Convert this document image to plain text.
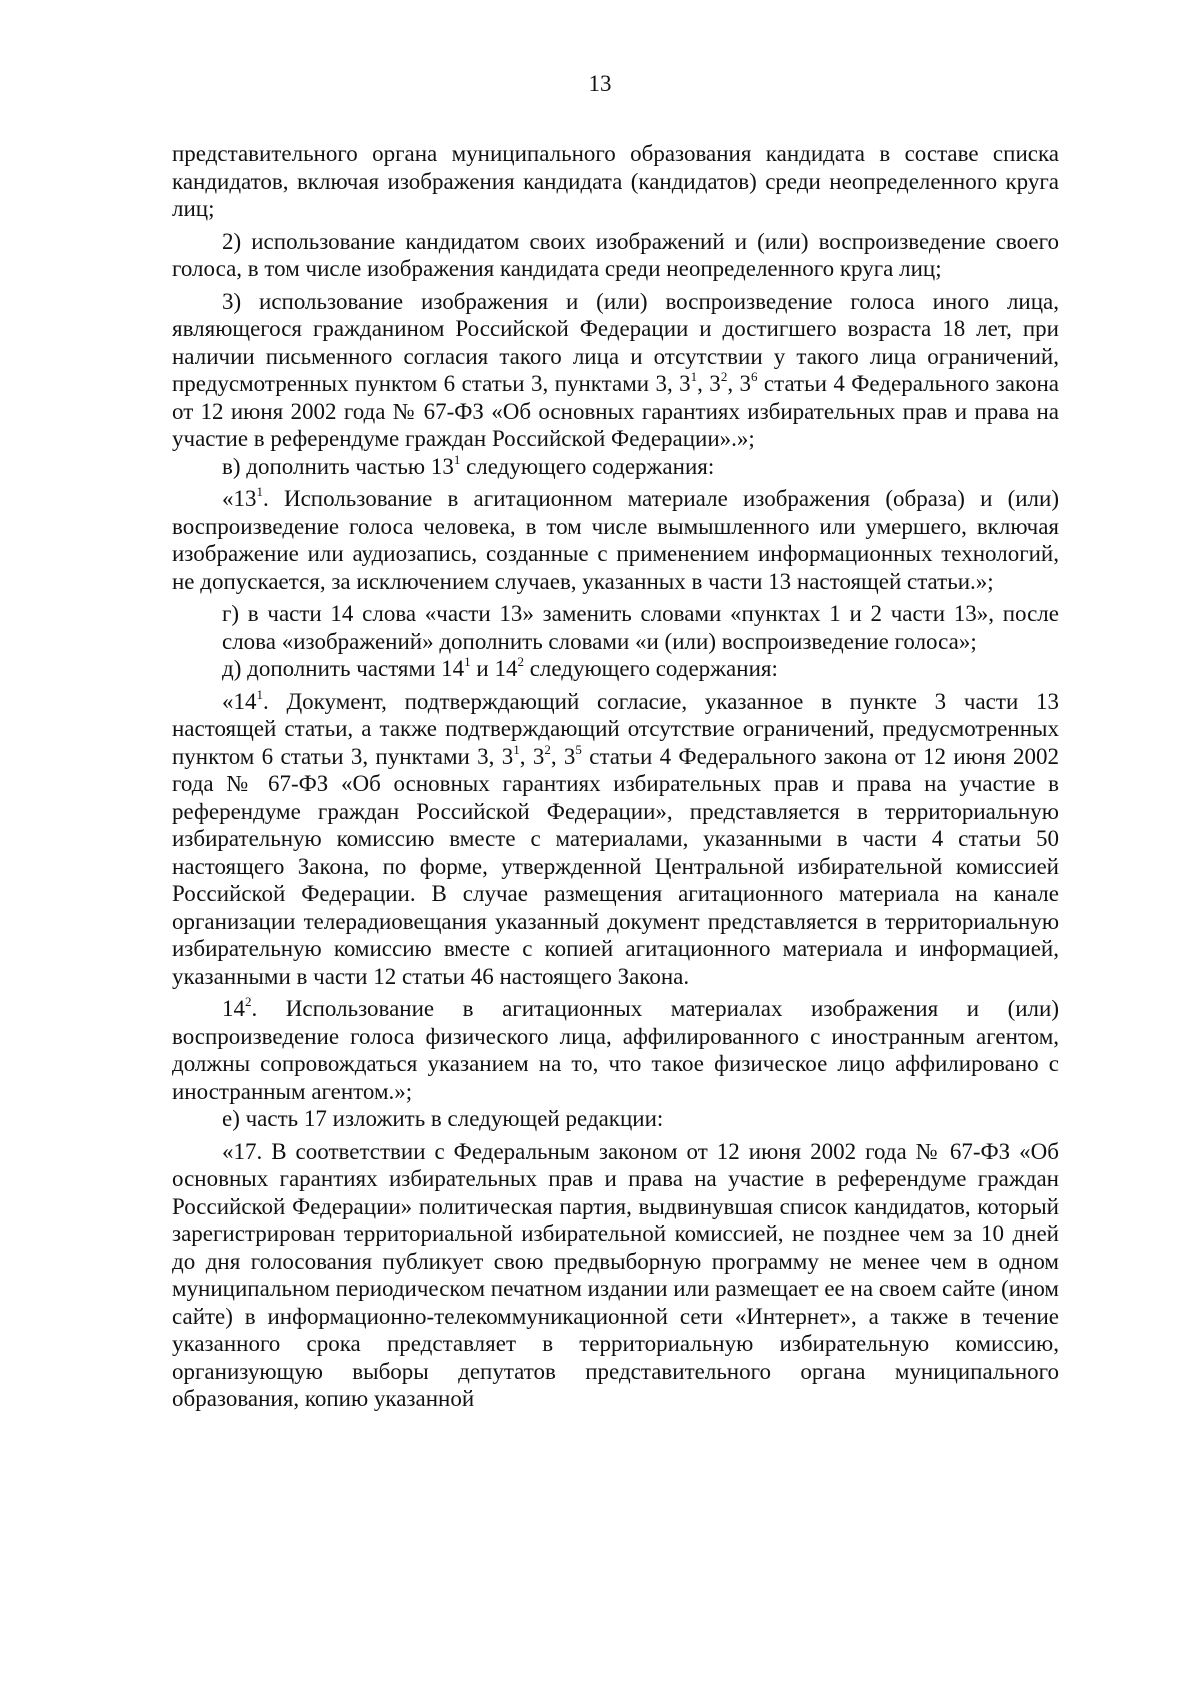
13

представительного органа муниципального образования кандидата в составе списка кандидатов, включая изображения кандидата (кандидатов) среди неопределенного круга лиц;

2) использование кандидатом своих изображений и (или) воспроизведение своего голоса, в том числе изображения кандидата среди неопределенного круга лиц;

3) использование изображения и (или) воспроизведение голоса иного лица, являющегося гражданином Российской Федерации и достигшего возраста 18 лет, при наличии письменного согласия такого лица и отсутствии у такого лица ограничений, предусмотренных пунктом 6 статьи 3, пунктами 3, $3^1$, $3^2$, $3^6$ статьи 4 Федерального закона от 12 июня 2002 года № 67-ФЗ «Об основных гарантиях избирательных прав и права на участие в референдуме граждан Российской Федерации».»;

в) дополнить частью $13^1$ следующего содержания:

«$13^1$. Использование в агитационном материале изображения (образа) и (или) воспроизведение голоса человека, в том числе вымышленного или умершего, включая изображение или аудиозапись, созданные с применением информационных технологий, не допускается, за исключением случаев, указанных в части 13 настоящей статьи.»;

г) в части 14 слова «части 13» заменить словами «пунктах 1 и 2 части 13», после слова «изображений» дополнить словами «и (или) воспроизведение голоса»;

д) дополнить частями $14^1$ и $14^2$ следующего содержания:

«$14^1$. Документ, подтверждающий согласие, указанное в пункте 3 части 13 настоящей статьи, а также подтверждающий отсутствие ограничений, предусмотренных пунктом 6 статьи 3, пунктами 3, $3^1$, $3^2$, $3^5$ статьи 4 Федерального закона от 12 июня 2002 года № 67-ФЗ «Об основных гарантиях избирательных прав и права на участие в референдуме граждан Российской Федерации», представляется в территориальную избирательную комиссию вместе с материалами, указанными в части 4 статьи 50 настоящего Закона, по форме, утвержденной Центральной избирательной комиссией Российской Федерации. В случае размещения агитационного материала на канале организации телерадиовещания указанный документ представляется в территориальную избирательную комиссию вместе с копией агитационного материала и информацией, указанными в части 12 статьи 46 настоящего Закона.

$14^2$. Использование в агитационных материалах изображения и (или) воспроизведение голоса физического лица, аффилированного с иностранным агентом, должны сопровождаться указанием на то, что такое физическое лицо аффилировано с иностранным агентом.»;

е) часть 17 изложить в следующей редакции:

«17. В соответствии с Федеральным законом от 12 июня 2002 года № 67-ФЗ «Об основных гарантиях избирательных прав и права на участие в референдуме граждан Российской Федерации» политическая партия, выдвинувшая список кандидатов, который зарегистрирован территориальной избирательной комиссией, не позднее чем за 10 дней до дня голосования публикует свою предвыборную программу не менее чем в одном муниципальном периодическом печатном издании или размещает ее на своем сайте (ином сайте) в информационно-телекоммуникационной сети «Интернет», а также в течение указанного срока представляет в территориальную избирательную комиссию, организующую выборы депутатов представительного органа муниципального образования, копию указанной
